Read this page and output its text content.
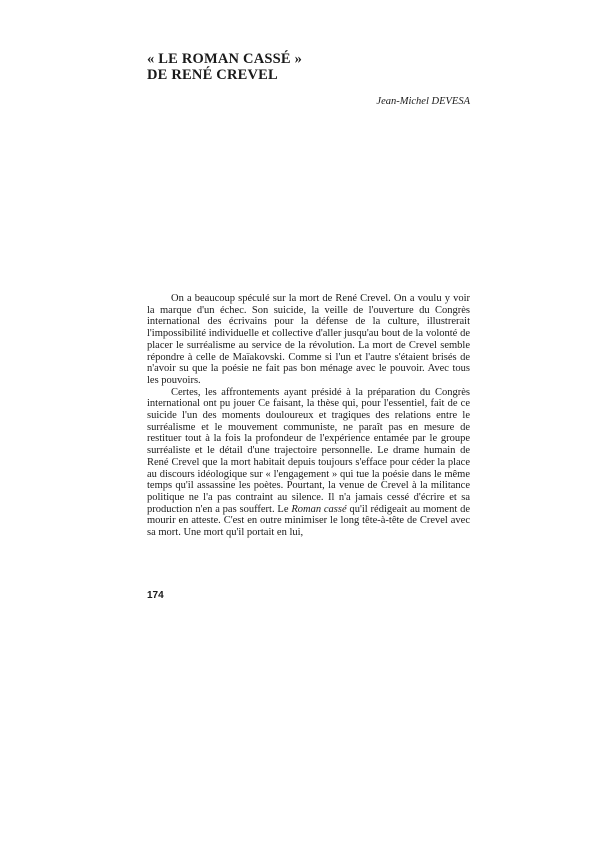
« LE ROMAN CASSÉ »
DE RENÉ CREVEL
Jean-Michel DEVESA

On a beaucoup spéculé sur la mort de René Crevel. On a voulu y voir la marque d'un échec. Son suicide, la veille de l'ouverture du Congrès international des écrivains pour la défense de la culture, illustrerait l'impossibilité individuelle et collective d'aller jusqu'au bout de la volonté de placer le surréalisme au service de la révolution. La mort de Crevel semble répondre à celle de Maïakovski. Comme si l'un et l'autre s'étaient brisés de n'avoir su que la poésie ne fait pas bon ménage avec le pouvoir. Avec tous les pouvoirs.

Certes, les affrontements ayant présidé à la préparation du Congrès international ont pu jouer Ce faisant, la thèse qui, pour l'essentiel, fait de ce suicide l'un des moments douloureux et tragiques des relations entre le surréalisme et le mouvement communiste, ne paraît pas en mesure de restituer tout à la fois la profondeur de l'expérience entamée par le groupe surréaliste et le détail d'une trajectoire personnelle. Le drame humain de René Crevel que la mort habitait depuis toujours s'efface pour céder la place au discours idéologique sur « l'engagement » qui tue la poésie dans le même temps qu'il assassine les poètes. Pourtant, la venue de Crevel à la militance politique ne l'a pas contraint au silence. Il n'a jamais cessé d'écrire et sa production n'en a pas souffert. Le Roman cassé qu'il rédigeait au moment de mourir en atteste. C'est en outre minimiser le long tête-à-tête de Crevel avec sa mort. Une mort qu'il portait en lui,

174
